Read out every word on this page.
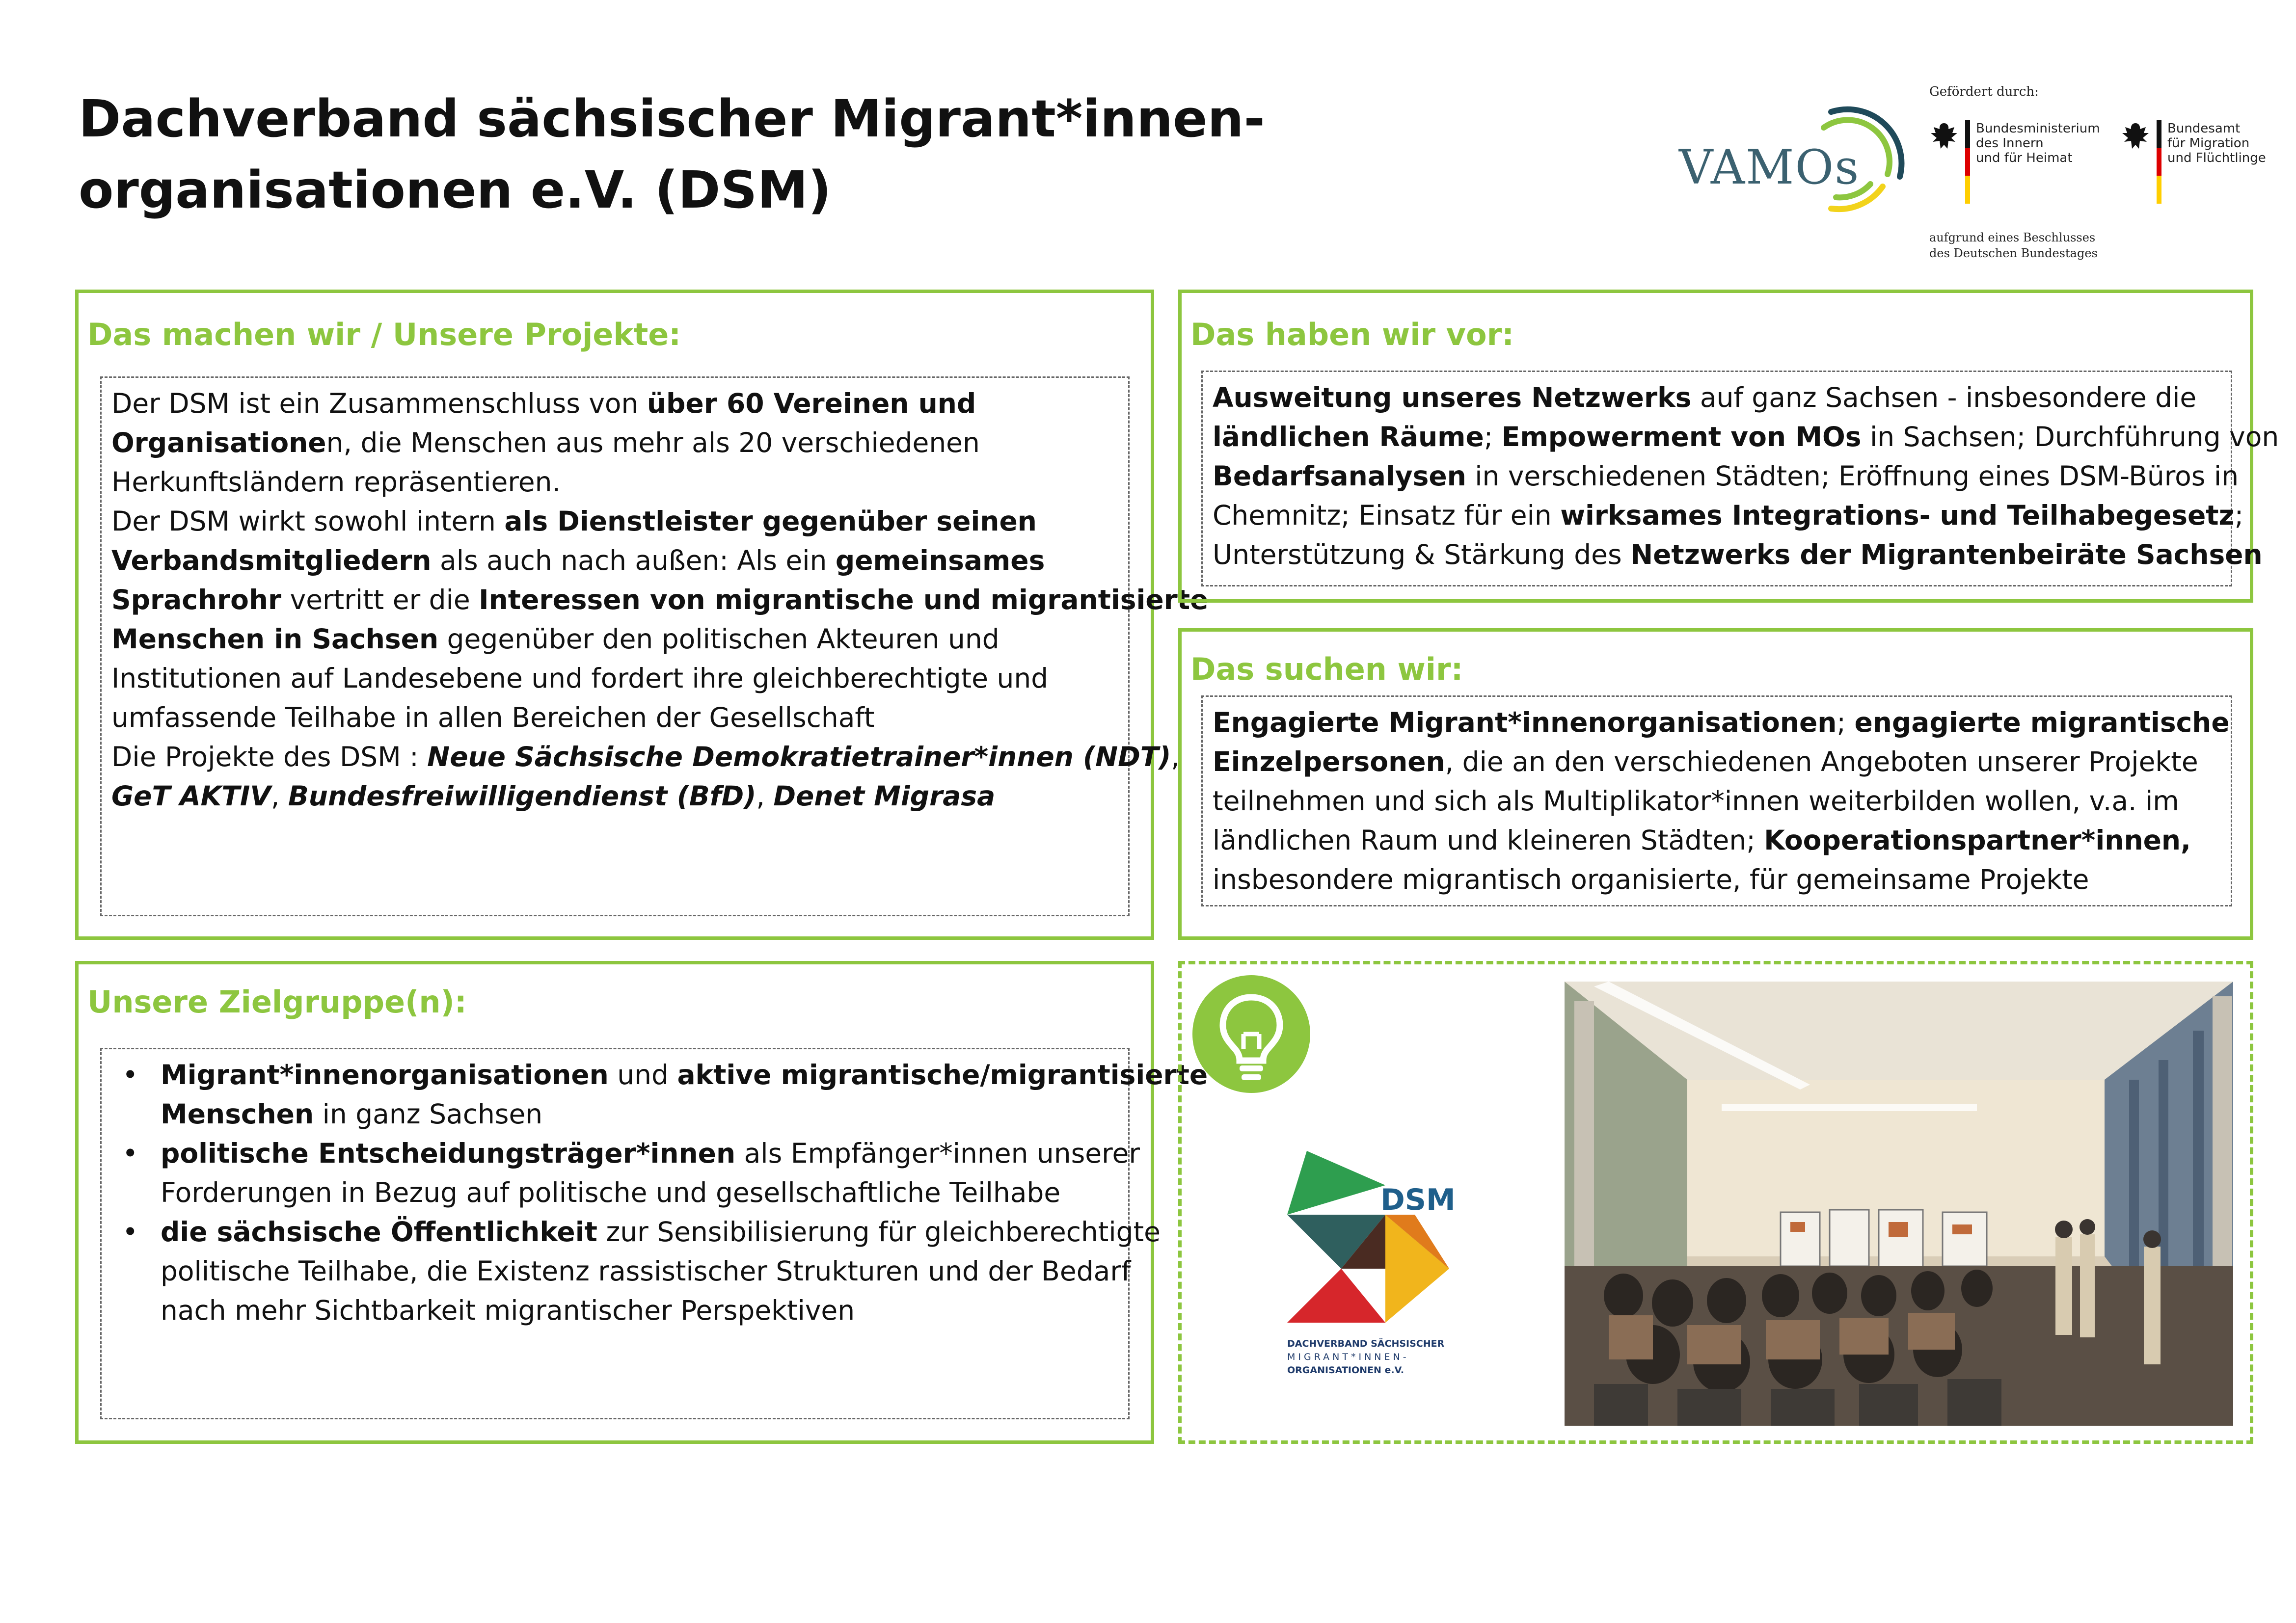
Dachverband sächsischer Migrant*innen-
organisationen e.V. (DSM)	VAMOs
Gefördert durch:
Bundesministerium
des Innern
und für Heimat
Bundesamt
für Migration
und Flüchtlinge
aufgrund eines Beschlusses
des Deutschen Bundestages
Das machen wir / Unsere Projekte:

Der DSM ist ein Zusammenschluss von über 60 Vereinen und
Organisationen, die Menschen aus mehr als 20 verschiedenen
Herkunftsländern repräsentieren.

Der DSM wirkt sowohl intern als Dienstleister gegenüber seinen
Verbandsmitgliedern als auch nach außen: Als ein gemeinsames
Sprachrohr vertritt er die Interessen von migrantische und migrantisierte
Menschen in Sachsen gegenüber den politischen Akteuren und
Institutionen auf Landesebene und fordert ihre gleichberechtigte und
umfassende Teilhabe in allen Bereichen der Gesellschaft

Die Projekte des DSM : Neue Sächsische Demokratietrainer*innen (NDT),
GeT AKTIV, Bundesfreiwilligendienst (BfD), Denet Migrasa

Das haben wir vor:

Ausweitung unseres Netzwerks auf ganz Sachsen - insbesondere die
ländlichen Räume; Empowerment von MOs in Sachsen; Durchführung von
Bedarfsanalysen in verschiedenen Städten; Eröffnung eines DSM-Büros in
Chemnitz; Einsatz für ein wirksames Integrations- und Teilhabegesetz;
Unterstützung & Stärkung des Netzwerks der Migrantenbeiräte Sachsen

Das suchen wir:

Engagierte Migrant*innenorganisationen; engagierte migrantische
Einzelpersonen, die an den verschiedenen Angeboten unserer Projekte
teilnehmen und sich als Multiplikator*innen weiterbilden wollen, v.a. im
ländlichen Raum und kleineren Städten; Kooperationspartner*innen,
insbesondere migrantisch organisierte, für gemeinsame Projekte

Unsere Zielgruppe(n):
• Migrant*innenorganisationen und aktive migrantische/migrantisierte
Menschen in ganz Sachsen
• politische Entscheidungsträger*innen als Empfänger*innen unserer
Forderungen in Bezug auf politische und gesellschaftliche Teilhabe
• die sächsische Öffentlichkeit zur Sensibilisierung für gleichberechtigte
politische Teilhabe, die Existenz rassistischer Strukturen und der Bedarf
nach mehr Sichtbarkeit migrantischer Perspektiven
DSM
DACHVERBAND SÄCHSISCHER
MIGRANT*INNEN-
ORGANISATIONEN e.V.
